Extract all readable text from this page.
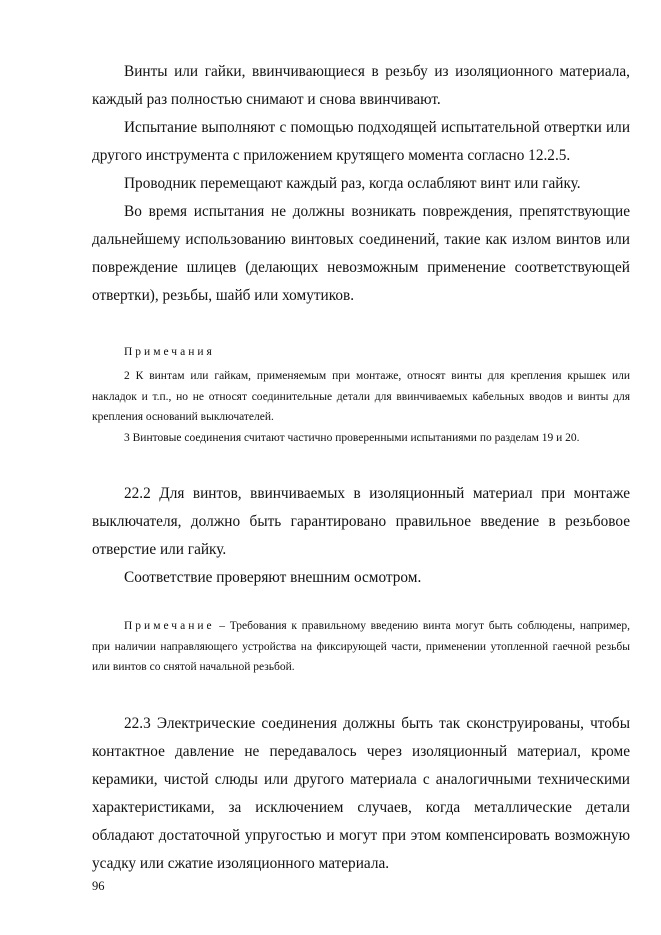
Винты или гайки, ввинчивающиеся в резьбу из изоляционного материала, каждый раз полностью снимают и снова ввинчивают.

Испытание выполняют с помощью подходящей испытательной отвертки или другого инструмента с приложением крутящего момента согласно 12.2.5.

Проводник перемещают каждый раз, когда ослабляют винт или гайку.

Во время испытания не должны возникать повреждения, препятствующие дальнейшему использованию винтовых соединений, такие как излом винтов или повреждение шлицев (делающих невозможным применение соответствующей отвертки), резьбы, шайб или хомутиков.

Примечания

2 К винтам или гайкам, применяемым при монтаже, относят винты для крепления крышек или накладок и т.п., но не относят соединительные детали для ввинчиваемых кабельных вводов и винты для крепления оснований выключателей.

3 Винтовые соединения считают частично проверенными испытаниями по разделам 19 и 20.

22.2 Для винтов, ввинчиваемых в изоляционный материал при монтаже выключателя, должно быть гарантировано правильное введение в резьбовое отверстие или гайку.

Соответствие проверяют внешним осмотром.

Примечание – Требования к правильному введению винта могут быть соблюдены, например, при наличии направляющего устройства на фиксирующей части, применении утопленной гаечной резьбы или винтов со снятой начальной резьбой.

22.3 Электрические соединения должны быть так сконструированы, чтобы контактное давление не передавалось через изоляционный материал, кроме керамики, чистой слюды или другого материала с аналогичными техническими характеристиками, за исключением случаев, когда металлические детали обладают достаточной упругостью и могут при этом компенсировать возможную усадку или сжатие изоляционного материала.

96
